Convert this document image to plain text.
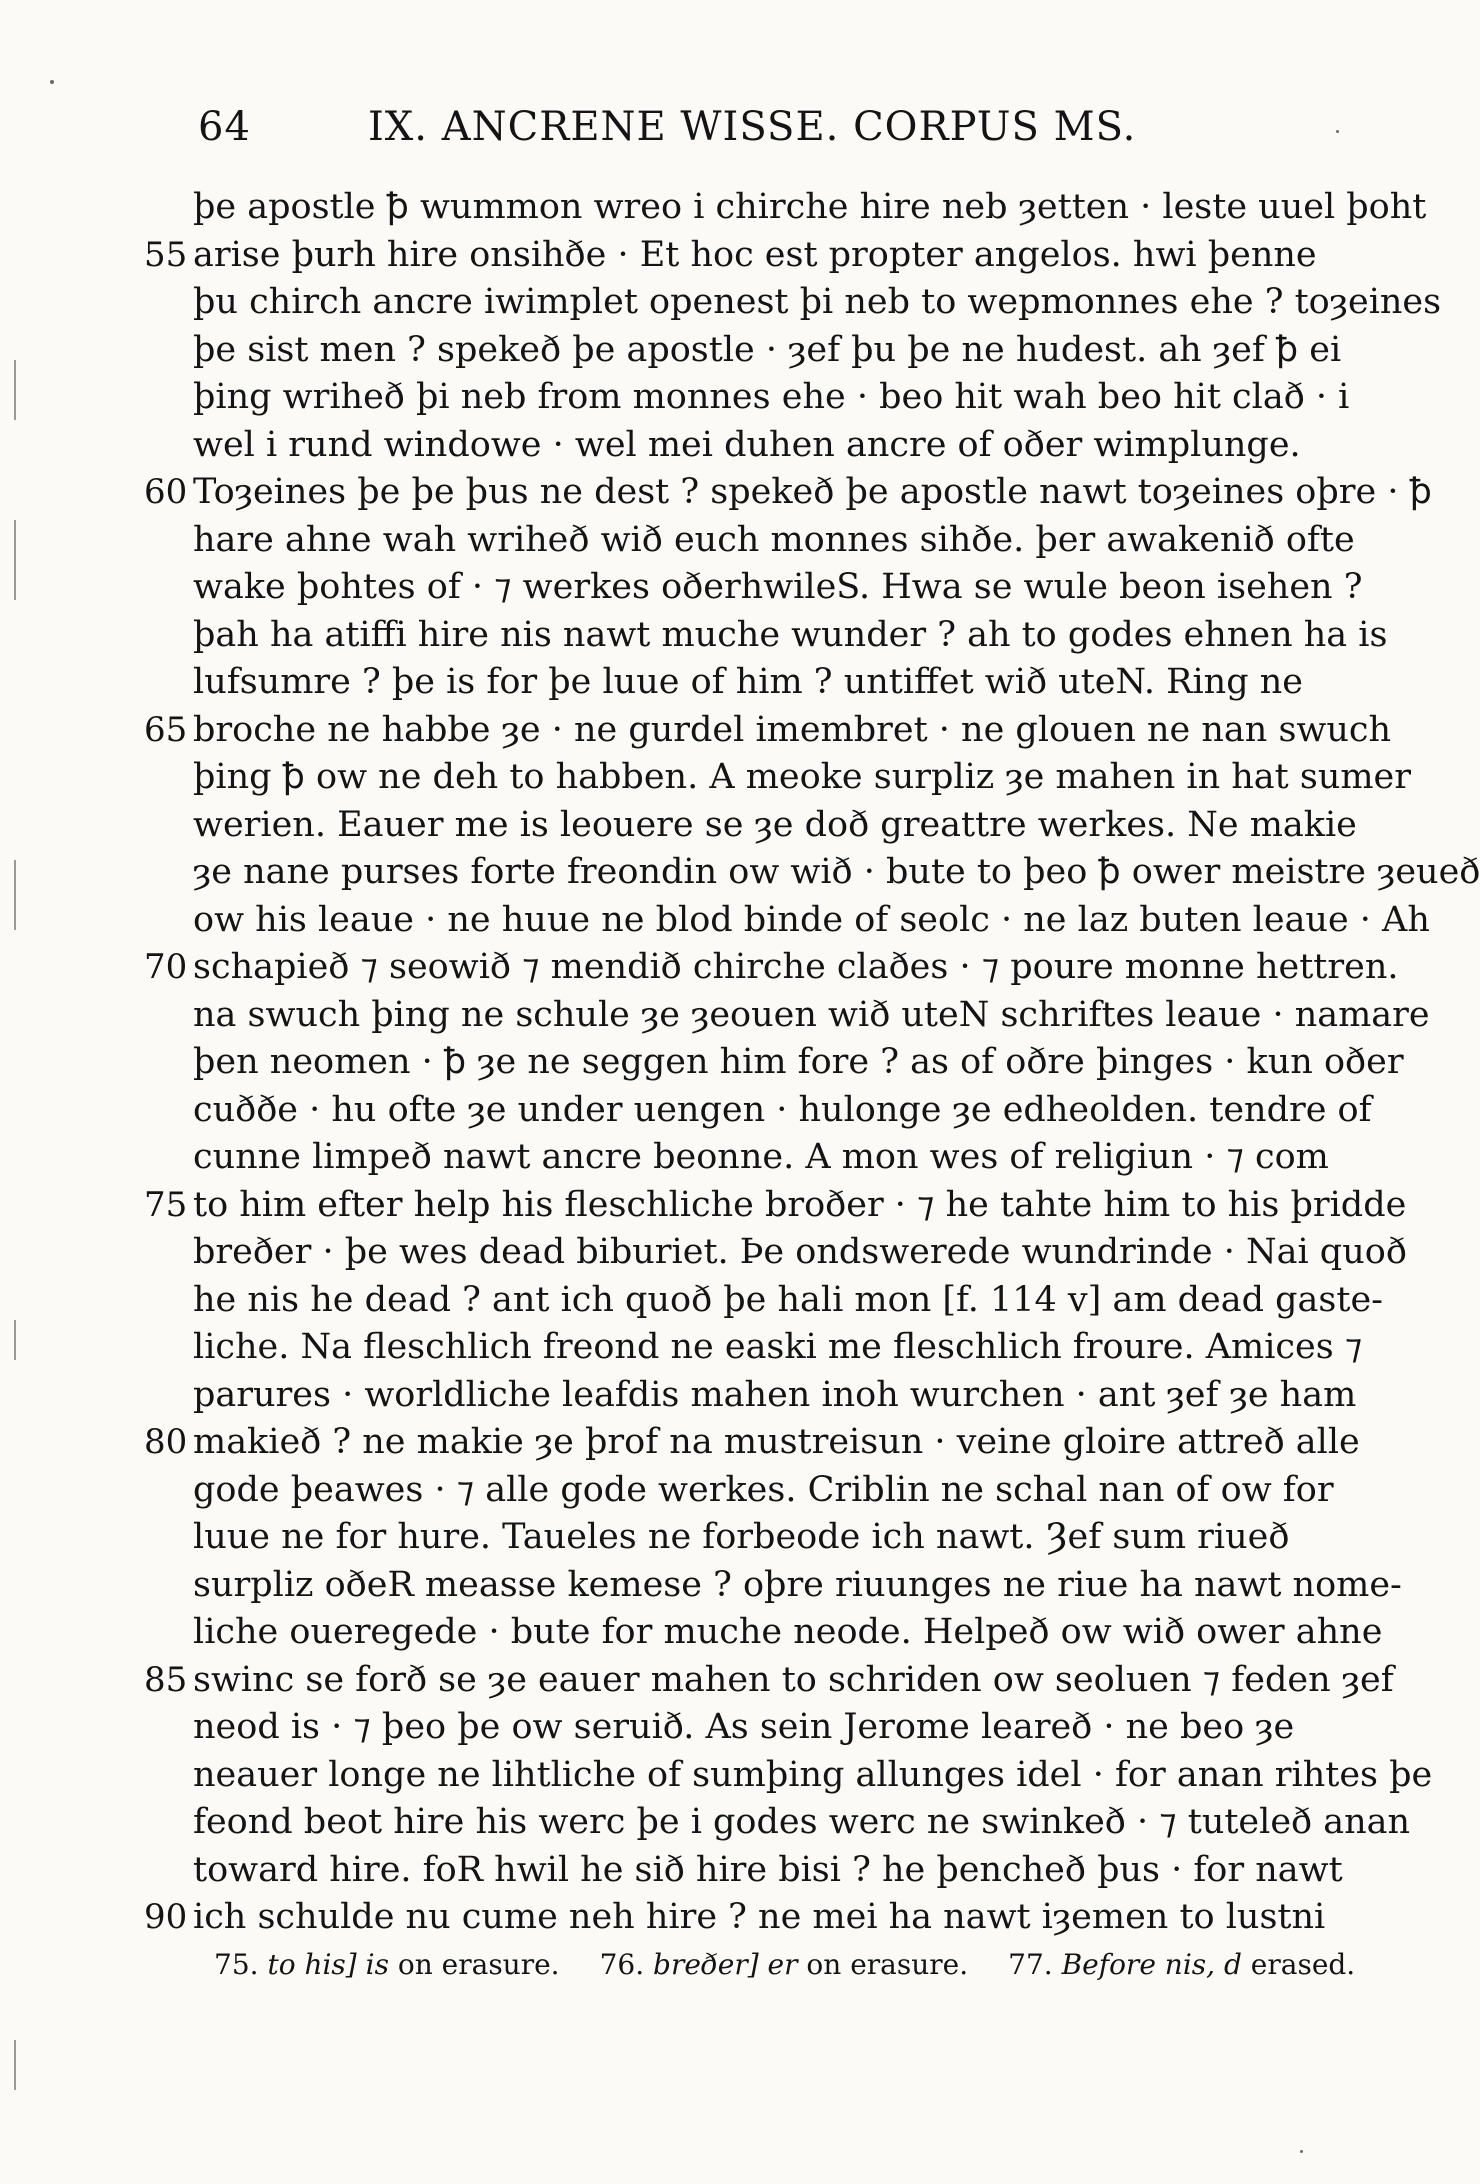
64	IX. ANCRENE WISSE. CORPUS MS.
þe apostle ꝥ wummon wreo i chirche hire neb ȝetten · leste uuel þoht
55 arise þurh hire onsihðe · Et hoc est propter angelos. hwi þenne
þu chirch ancre iwimplet openest þi neb to wepmonnes ehe ? toȝeines
þe sist men ? spekeð þe apostle · ȝef þu þe ne hudest. ah ȝef ꝥ ei
þing wriheð þi neb from monnes ehe · beo hit wah beo hit clað · i
wel i rund windowe · wel mei duhen ancre of oðer wimplunge.
60 Toȝeines þe þe þus ne dest ? spekeð þe apostle nawt toȝeines oþre · ꝥ
hare ahne wah wriheð wið euch monnes sihðe. þer awakenið ofte
wake þohtes of · ⁊ werkes oðerhwileS. Hwa se wule beon isehen ?
þah ha atiffi hire nis nawt muche wunder ? ah to godes ehnen ha is
lufsumre ? þe is for þe luue of him ? untiffet wið uteN. Ring ne
65 broche ne habbe ȝe · ne gurdel imembret · ne glouen ne nan swuch
þing ꝥ ow ne deh to habben. A meoke surpliz ȝe mahen in hat sumer
werien. Eauer me is leouere se ȝe doð greattre werkes. Ne makie
ȝe nane purses forte freondin ow wið · bute to þeo ꝥ ower meistre ȝeueð
ow his leaue · ne huue ne blod binde of seolc · ne laz buten leaue · Ah
70 schapieð ⁊ seowið ⁊ mendið chirche claðes · ⁊ poure monne hettren.
na swuch þing ne schule ȝe ȝeouen wið uteN schriftes leaue · namare
þen neomen · ꝥ ȝe ne seggen him fore ? as of oðre þinges · kun oðer
cuððe · hu ofte ȝe under uengen · hulonge ȝe edheolden. tendre of
cunne limpeð nawt ancre beonne. A mon wes of religiun · ⁊ com
75 to him efter help his fleschliche broðer · ⁊ he tahte him to his þridde
breðer · þe wes dead biburiet. Þe ondswerede wundrinde · Nai quoð
he nis he dead ? ant ich quoð þe hali mon [f. 114 v] am dead gaste-
liche. Na fleschlich freond ne easki me fleschlich froure. Amices ⁊
parures · worldliche leafdis mahen inoh wurchen · ant ȝef ȝe ham
80 makieð ? ne makie ȝe þrof na mustreisun · veine gloire attreð alle
gode þeawes · ⁊ alle gode werkes. Criblin ne schal nan of ow for
luue ne for hure. Taueles ne forbeode ich nawt. Ȝef sum riueð
surpliz oðeR measse kemese ? oþre riuunges ne riue ha nawt nome-
liche oueregede · bute for muche neode. Helpeð ow wið ower ahne
85 swinc se forð se ȝe eauer mahen to schriden ow seoluen ⁊ feden ȝef
neod is · ⁊ þeo þe ow seruið. As sein Jerome leareð · ne beo ȝe
neauer longe ne lihtliche of sumþing allunges idel · for anan rihtes þe
feond beot hire his werc þe i godes werc ne swinkeð · ⁊ tuteleð anan
toward hire. foR hwil he sið hire bisi ? he þencheð þus · for nawt
90 ich schulde nu cume neh hire ? ne mei ha nawt iȝemen to lustni
75. to his] is on erasure. 76. breðer] er on erasure. 77. Before nis, d erased.
